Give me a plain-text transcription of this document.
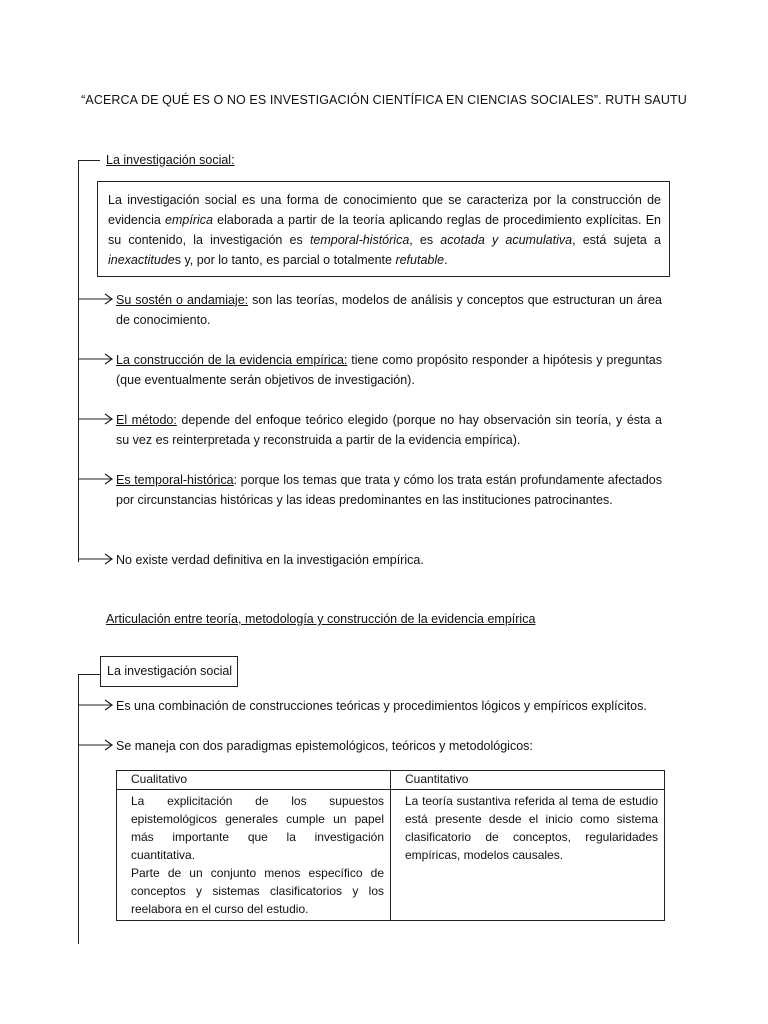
“ACERCA DE QUÉ ES O NO ES INVESTIGACIÓN CIENTÍFICA EN CIENCIAS SOCIALES”. RUTH SAUTU
La investigación social:

La investigación social es una forma de conocimiento que se caracteriza por la construcción de evidencia empírica elaborada a partir de la teoría aplicando reglas de procedimiento explícitas. En su contenido, la investigación es temporal-histórica, es acotada y acumulativa, está sujeta a inexactitudes y, por lo tanto, es parcial o totalmente refutable.

Su sostén o andamiaje: son las teorías, modelos de análisis y conceptos que estructuran un área de conocimiento.
La construcción de la evidencia empírica: tiene como propósito responder a hipótesis y preguntas (que eventualmente serán objetivos de investigación).
El método: depende del enfoque teórico elegido (porque no hay observación sin teoría, y ésta a su vez es reinterpretada y reconstruida a partir de la evidencia empírica).
Es temporal-histórica: porque los temas que trata y cómo los trata están profundamente afectados por circunstancias históricas y las ideas predominantes en las instituciones patrocinantes.
No existe verdad definitiva en la investigación empírica.
Articulación entre teoría, metodología y construcción de la evidencia empírica
La investigación social
Es una combinación de construcciones teóricas y procedimientos lógicos y empíricos explícitos.
Se maneja con dos paradigmas epistemológicos, teóricos y metodológicos:
Cualitativo	Cuantitativo

La explicitación de los supuestos epistemológicos generales cumple un papel más importante que la investigación cuantitativa.

Parte de un conjunto menos específico de conceptos y sistemas clasificatorios y los reelabora en el curso del estudio.	La teoría sustantiva referida al tema de estudio está presente desde el inicio como sistema clasificatorio de conceptos, regularidades empíricas, modelos causales.
